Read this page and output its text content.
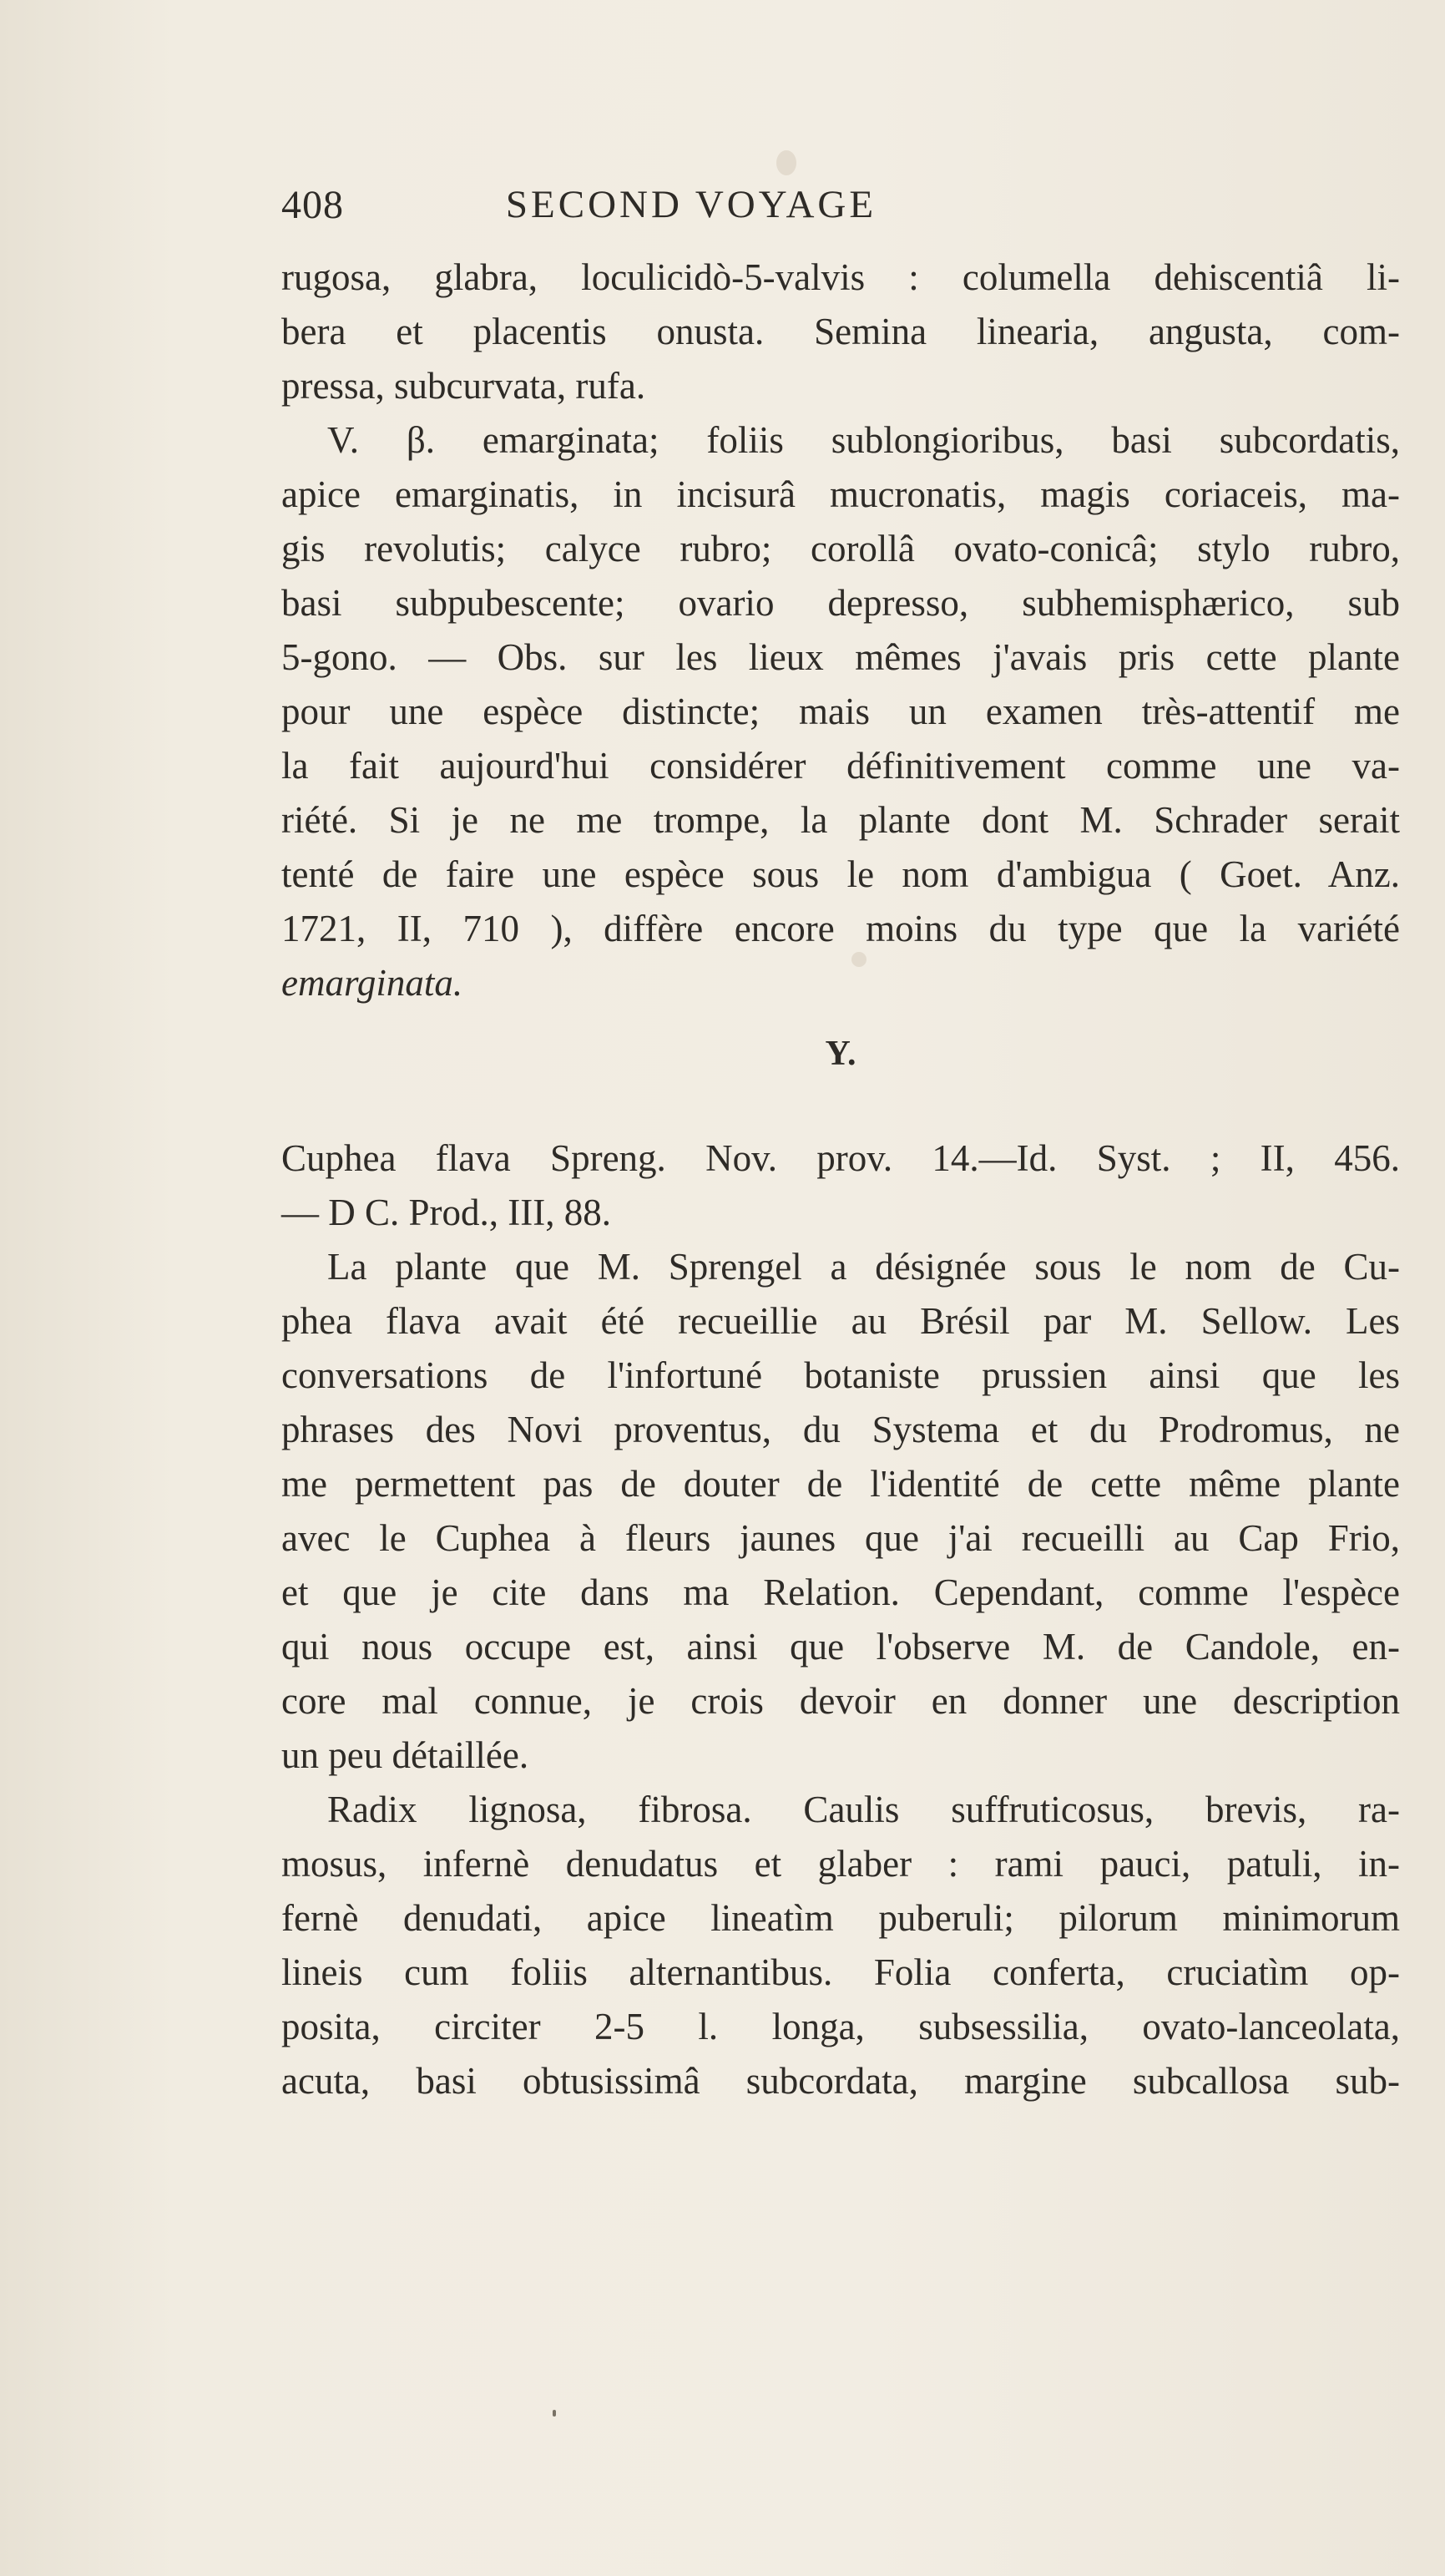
408	SECOND VOYAGE
rugosa, glabra, loculicidò-5-valvis : columella dehiscentiâ li-
bera et placentis onusta. Semina linearia, angusta, com-
pressa, subcurvata, rufa.
V. β. emarginata; foliis sublongioribus, basi subcordatis,
apice emarginatis, in incisurâ mucronatis, magis coriaceis, ma-
gis revolutis; calyce rubro; corollâ ovato-conicâ; stylo rubro,
basi subpubescente; ovario depresso, subhemisphærico, sub
5-gono. — Obs. sur les lieux mêmes j'avais pris cette plante
pour une espèce distincte; mais un examen très-attentif me
la fait aujourd'hui considérer définitivement comme une va-
riété. Si je ne me trompe, la plante dont M. Schrader serait
tenté de faire une espèce sous le nom d'ambigua ( Goet. Anz.
1721, II, 710 ), diffère encore moins du type que la variété
emarginata.
Y.
Cuphea flava Spreng. Nov. prov. 14.—Id. Syst. ; II, 456.
— D C. Prod., III, 88.
La plante que M. Sprengel a désignée sous le nom de Cu-
phea flava avait été recueillie au Brésil par M. Sellow. Les
conversations de l'infortuné botaniste prussien ainsi que les
phrases des Novi proventus, du Systema et du Prodromus, ne
me permettent pas de douter de l'identité de cette même plante
avec le Cuphea à fleurs jaunes que j'ai recueilli au Cap Frio,
et que je cite dans ma Relation. Cependant, comme l'espèce
qui nous occupe est, ainsi que l'observe M. de Candole, en-
core mal connue, je crois devoir en donner une description
un peu détaillée.
Radix lignosa, fibrosa. Caulis suffruticosus, brevis, ra-
mosus, infernè denudatus et glaber : rami pauci, patuli, in-
fernè denudati, apice lineatìm puberuli; pilorum minimorum
lineis cum foliis alternantibus. Folia conferta, cruciatìm op-
posita, circiter 2-5 l. longa, subsessilia, ovato-lanceolata,
acuta, basi obtusissimâ subcordata, margine subcallosa sub-
